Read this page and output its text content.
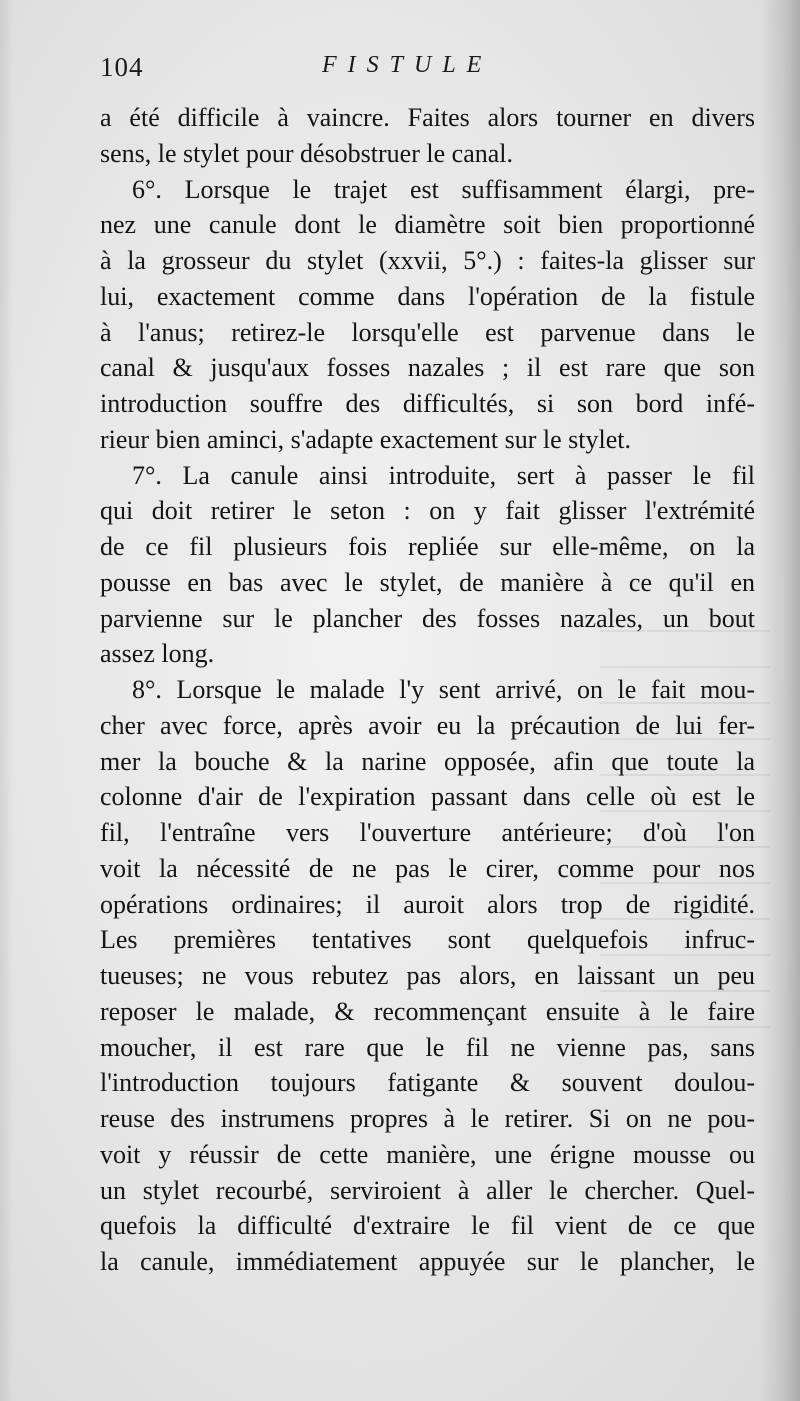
104	FISTULE
a été difficile à vaincre. Faites alors tourner en divers
sens, le stylet pour désobstruer le canal.
6°. Lorsque le trajet est suffisamment élargi, pre-
nez une canule dont le diamètre soit bien proportionné
à la grosseur du stylet (xxvii, 5°.) : faites-la glisser sur
lui, exactement comme dans l'opération de la fistule
à l'anus; retirez-le lorsqu'elle est parvenue dans le
canal & jusqu'aux fosses nazales ; il est rare que son
introduction souffre des difficultés, si son bord infé-
rieur bien aminci, s'adapte exactement sur le stylet.
7°. La canule ainsi introduite, sert à passer le fil
qui doit retirer le seton : on y fait glisser l'extrémité
de ce fil plusieurs fois repliée sur elle-même, on la
pousse en bas avec le stylet, de manière à ce qu'il en
parvienne sur le plancher des fosses nazales, un bout
assez long.
8°. Lorsque le malade l'y sent arrivé, on le fait mou-
cher avec force, après avoir eu la précaution de lui fer-
mer la bouche & la narine opposée, afin que toute la
colonne d'air de l'expiration passant dans celle où est le
fil, l'entraîne vers l'ouverture antérieure; d'où l'on
voit la nécessité de ne pas le cirer, comme pour nos
opérations ordinaires; il auroit alors trop de rigidité.
Les premières tentatives sont quelquefois infruc-
tueuses; ne vous rebutez pas alors, en laissant un peu
reposer le malade, & recommençant ensuite à le faire
moucher, il est rare que le fil ne vienne pas, sans
l'introduction toujours fatigante & souvent doulou-
reuse des instrumens propres à le retirer. Si on ne pou-
voit y réussir de cette manière, une érigne mousse ou
un stylet recourbé, serviroient à aller le chercher. Quel-
quefois la difficulté d'extraire le fil vient de ce que
la canule, immédiatement appuyée sur le plancher, le
